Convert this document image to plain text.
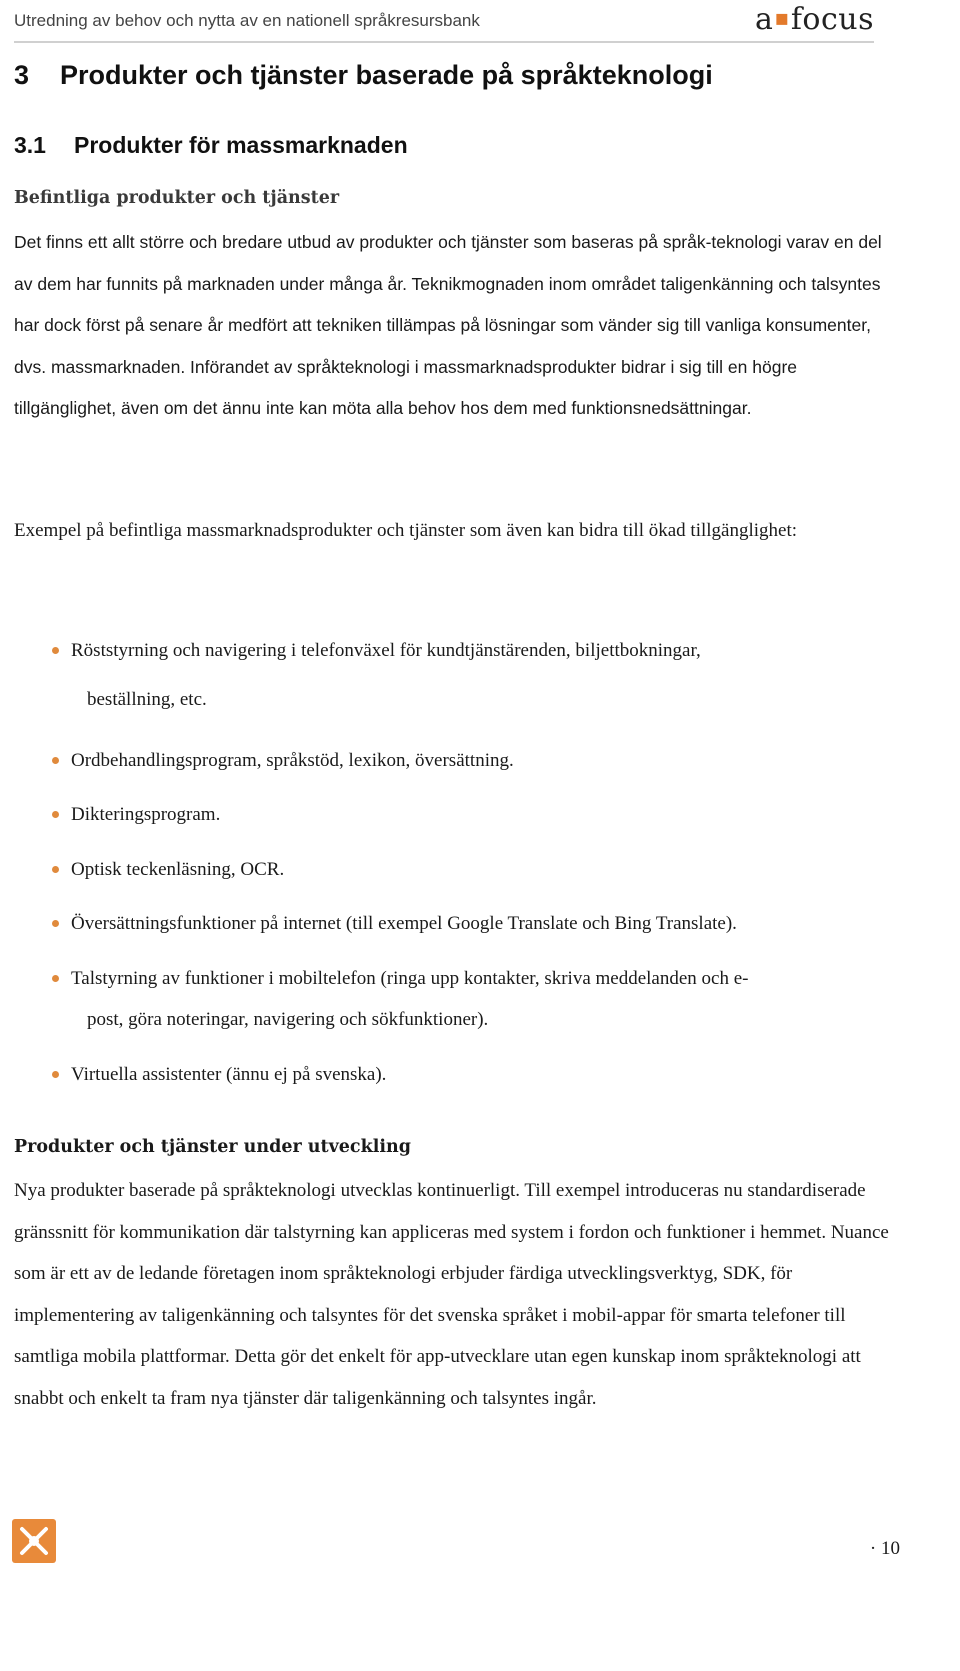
Utredning av behov och nytta av en nationell språkresursbank	a▪focus
3 Produkter och tjänster baserade på språkteknologi
3.1 Produkter för massmarknaden
Befintliga produkter och tjänster

Det finns ett allt större och bredare utbud av produkter och tjänster som baseras på språk-teknologi varav en del av dem har funnits på marknaden under många år. Teknikmognaden inom området taligenkänning och talsyntes har dock först på senare år medfört att tekniken tillämpas på lösningar som vänder sig till vanliga konsumenter, dvs. massmarknaden. Införandet av språkteknologi i massmarknadsprodukter bidrar i sig till en högre tillgänglighet, även om det ännu inte kan möta alla behov hos dem med funktionsnedsättningar.

Exempel på befintliga massmarknadsprodukter och tjänster som även kan bidra till ökad tillgänglighet:

Röststyrning och navigering i telefonväxel för kundtjänstärenden, biljettbokningar,
beställning, etc.
Ordbehandlingsprogram, språkstöd, lexikon, översättning.
Dikteringsprogram.
Optisk teckenläsning, OCR.
Översättningsfunktioner på internet (till exempel Google Translate och Bing Translate).
Talstyrning av funktioner i mobiltelefon (ringa upp kontakter, skriva meddelanden och e-
post, göra noteringar, navigering och sökfunktioner).
Virtuella assistenter (ännu ej på svenska).
Produkter och tjänster under utveckling

Nya produkter baserade på språkteknologi utvecklas kontinuerligt. Till exempel introduceras nu standardiserade gränssnitt för kommunikation där talstyrning kan appliceras med system i fordon och funktioner i hemmet. Nuance som är ett av de ledande företagen inom språkteknologi erbjuder färdiga utvecklingsverktyg, SDK, för implementering av taligenkänning och talsyntes för det svenska språket i mobil-appar för smarta telefoner till samtliga mobila plattformar. Detta gör det enkelt för app-utvecklare utan egen kunskap inom språkteknologi att snabbt och enkelt ta fram nya tjänster där taligenkänning och talsyntes ingår.

· 10
